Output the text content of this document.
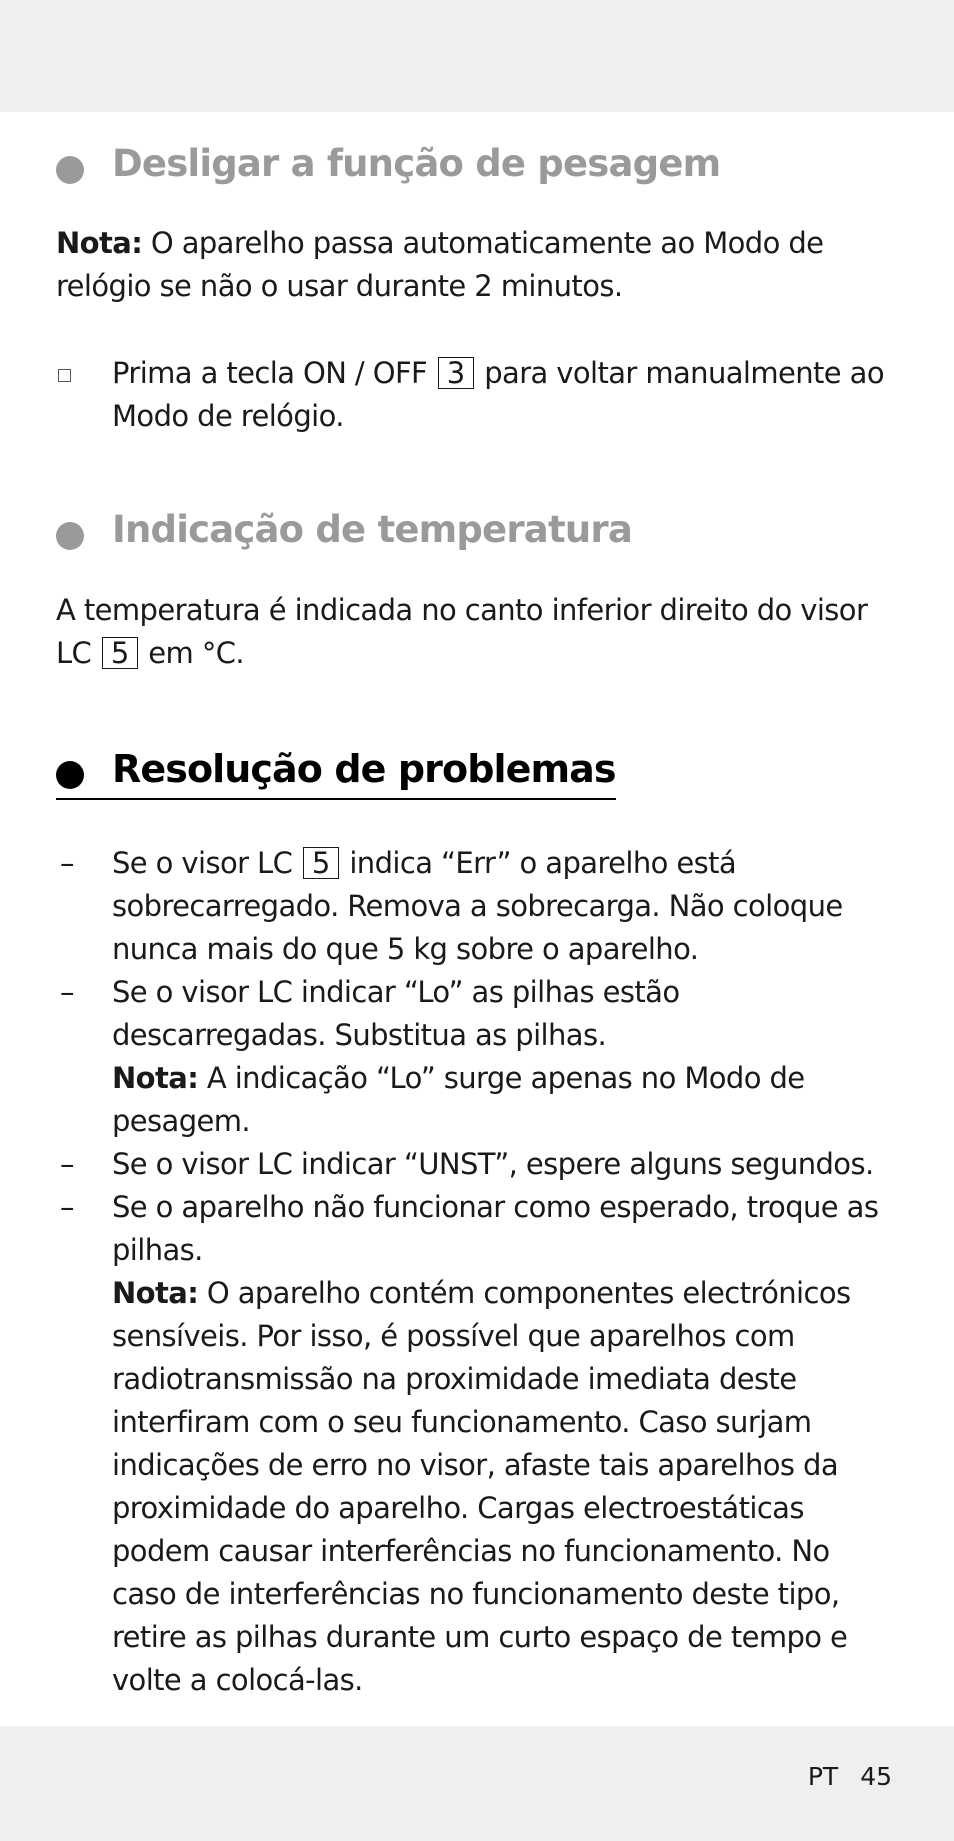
Desligar a função de pesagem

Nota: O aparelho passa automaticamente ao Modo de relógio se não o usar durante 2 minutos.

Prima a tecla ON / OFF 3 para voltar manualmente ao Modo de relógio.
Indicação de temperatura

A temperatura é indicada no canto inferior direito do visor LC 5 em °C.

Resolução de problemas
– Se o visor LC 5 indica “Err” o aparelho está sobrecarregado. Remova a sobrecarga. Não coloque nunca mais do que 5 kg sobre o aparelho.
– Se o visor LC indicar “Lo” as pilhas estão descarregadas. Substitua as pilhas.
Nota: A indicação “Lo” surge apenas no Modo de pesagem.
– Se o visor LC indicar “UNST”, espere alguns segundos.
– Se o aparelho não funcionar como esperado, troque as pilhas.
Nota: O aparelho contém componentes electrónicos sensíveis. Por isso, é possível que aparelhos com radiotransmissão na proximidade imediata deste interfiram com o seu funcionamento. Caso surjam indicações de erro no visor, afaste tais aparelhos da proximidade do aparelho. Cargas electroestáticas podem causar interferências no funcionamento. No caso de interferências no funcionamento deste tipo, retire as pilhas durante um curto espaço de tempo e volte a colocá-las.
PT 45
